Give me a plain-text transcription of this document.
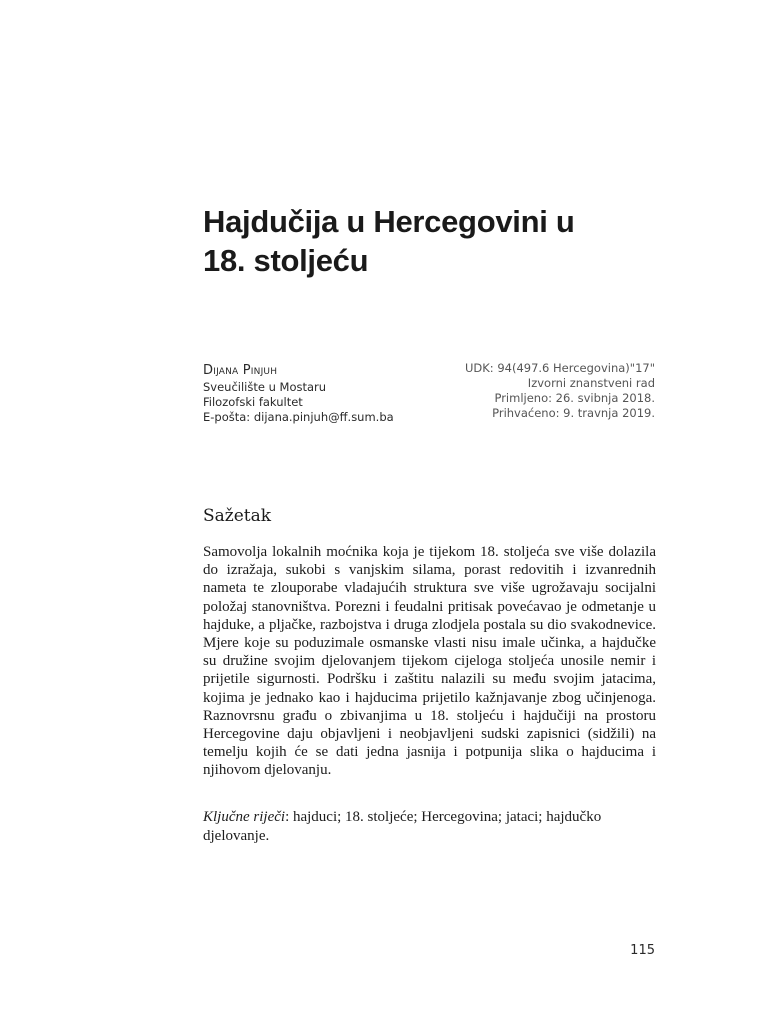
Hajdučija u Hercegovini u
18. stoljeću

Dijana Pinjuh

Sveučilište u Mostaru

Filozofski fakultet

E-pošta: dijana.pinjuh@ff.sum.ba

UDK: 94(497.6 Hercegovina)"17"

Izvorni znanstveni rad

Primljeno: 26. svibnja 2018.

Prihvaćeno: 9. travnja 2019.

Sažetak

Samovolja lokalnih moćnika koja je tijekom 18. stoljeća sve više dolazila do izražaja, sukobi s vanjskim silama, porast redovitih i izvanrednih nameta te zlouporabe vladajućih struktura sve više ugrožavaju socijalni položaj stanovništva. Porezni i feudalni pritisak povećavao je odmetanje u hajduke, a pljačke, razbojstva i druga zlodjela postala su dio svakodnevice. Mjere koje su poduzimale osmanske vlasti nisu imale učinka, a hajdučke su družine svojim djelovanjem tijekom cijeloga stoljeća unosile nemir i prijetile sigurnosti. Podršku i zaštitu nalazili su među svojim jatacima, kojima je jednako kao i hajducima prijetilo kažnjavanje zbog učinjenoga. Raznovrsnu građu o zbivanjima u 18. stoljeću i hajdučiji na prostoru Hercegovine daju objavljeni i neobjavljeni sudski zapisnici (sidžili) na temelju kojih će se dati jedna jasnija i potpunija slika o hajducima i njihovom djelovanju.

Ključne riječi: hajduci; 18. stoljeće; Hercegovina; jataci; hajdučko djelovanje.

115
